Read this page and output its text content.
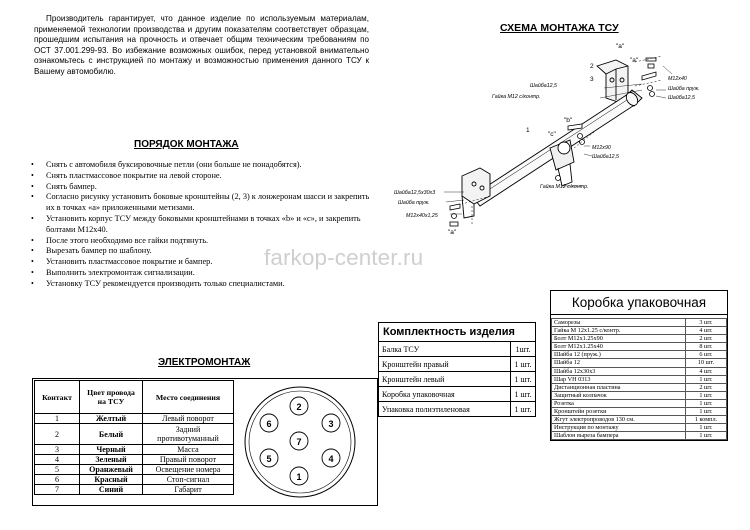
Производитель гарантирует, что данное изделие по используемым материалам, применяемой технологии производства и другим показателям соответствует образцам, прошедшим испытания на прочность и отвечает общим техническим требованиям по ОСТ 37.001.299-93. Во избежание возможных ошибок, перед установкой внимательно ознакомьтесь с инструкцией по монтажу и возможностью применения данного ТСУ к Вашему автомобилю.
ПОРЯДОК МОНТАЖА
• Снять с автомобиля буксировочные петли (они больше не понадобятся).
• Снять пластмассовое покрытие на левой стороне.
• Снять бампер.
• Согласно рисунку установить боковые кронштейны (2, 3) к лонжеронам шасси и закрепить их в точках «а» приложенными метизами.
• Установить корпус ТСУ между боковыми кронштейнами в точках «b» и «c», и закрепить болтами М12х40.
• После этого необходимо все гайки подтянуть.
• Вырезать бампер по шаблону.
• Установить пластмассовое покрытие и бампер.
• Выполнить электромонтаж сигнализации.
• Установку ТСУ рекомендуется производить только специалистами.
farkop-center.ru
СХЕМА МОНТАЖА ТСУ
М12х40
Шайба пруж.
Шайба12,5
Шайба12,5
Гайка М12 с/контр.
М12х90
Шайба12,5
Шайба12,5х30х3
Гайка М12 с/контр.
Шайба пруж.
М12х40х1,25
1
2
3
"а"
"а"
"b"
"с"
"а"
Комплектность изделия	
Балка ТСУ	1шт.
Кронштейн правый	1 шт.
Кронштейн левый	1 шт.
Коробка упаковочная	1 шт.
Упаковка полиэтиленовая	1 шт.
Коробка упаковочная
Саморезы	3 шт.
Гайка М 12х1.25 с/контр.	4 шт.
Болт М12х1.25х90	2 шт.
Болт М12х1.25х40	8 шт.
Шайба 12 (пруж.)	6 шт.
Шайба 12	10 шт.
Шайба 12х30х3	4 шт.
Шар VH 0313	1 шт.
Дистанционная пластина	2 шт.
Защитный колпачок	1 шт.
Розетка	1 шт.
Кронштейн розетки	1 шт.
Жгут электропроводов 130 см.	1 компл.
Инструкция по монтажу	1 шт.
Шаблон выреза бампера	1 шт.
ЭЛЕКТРОМОНТАЖ
Контакт	Цвет провода на ТСУ	Место соединения
1	Желтый	Левый поворот
2	Белый	Задний противотуманный
3	Черный	Масса
4	Зеленый	Правый поворот
5	Оранжевый	Освещение номера
6	Красный	Стоп-сигнал
7	Синий	Габарит
2
6	3
7
5	4
1
